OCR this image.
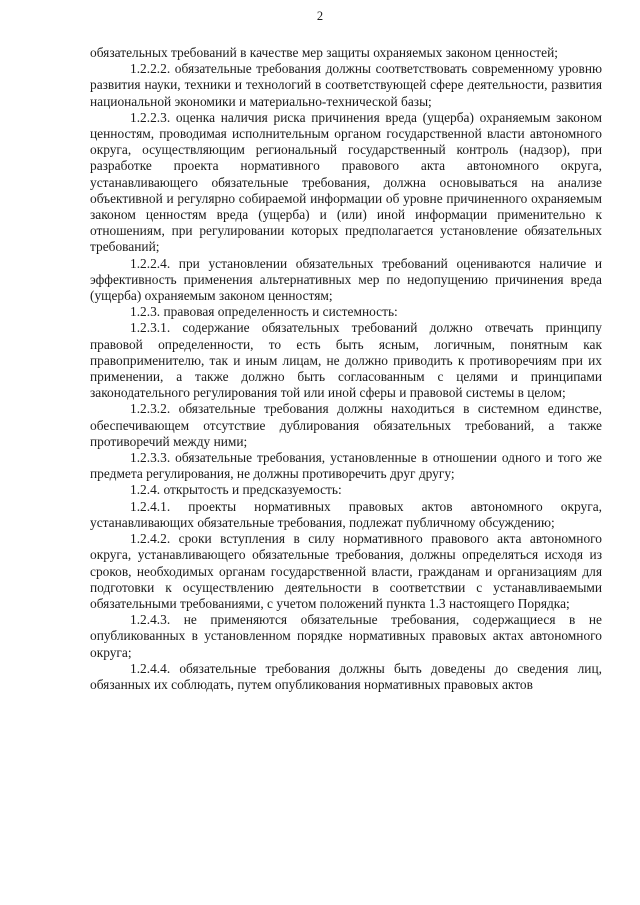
2

обязательных требований в качестве мер защиты охраняемых законом ценностей;

1.2.2.2. обязательные требования должны соответствовать современному уровню развития науки, техники и технологий в соответствующей сфере деятельности, развития национальной экономики и материально-технической базы;

1.2.2.3. оценка наличия риска причинения вреда (ущерба) охраняемым законом ценностям, проводимая исполнительным органом государственной власти автономного округа, осуществляющим региональный государственный контроль (надзор), при разработке проекта нормативного правового акта автономного округа, устанавливающего обязательные требования, должна основываться на анализе объективной и регулярно собираемой информации об уровне причиненного охраняемым законом ценностям вреда (ущерба) и (или) иной информации применительно к отношениям, при регулировании которых предполагается установление обязательных требований;

1.2.2.4. при установлении обязательных требований оцениваются наличие и эффективность применения альтернативных мер по недопущению причинения вреда (ущерба) охраняемым законом ценностям;

1.2.3. правовая определенность и системность:

1.2.3.1. содержание обязательных требований должно отвечать принципу правовой определенности, то есть быть ясным, логичным, понятным как правоприменителю, так и иным лицам, не должно приводить к противоречиям при их применении, а также должно быть согласованным с целями и принципами законодательного регулирования той или иной сферы и правовой системы в целом;

1.2.3.2. обязательные требования должны находиться в системном единстве, обеспечивающем отсутствие дублирования обязательных требований, а также противоречий между ними;

1.2.3.3. обязательные требования, установленные в отношении одного и того же предмета регулирования, не должны противоречить друг другу;

1.2.4. открытость и предсказуемость:

1.2.4.1. проекты нормативных правовых актов автономного округа, устанавливающих обязательные требования, подлежат публичному обсуждению;

1.2.4.2. сроки вступления в силу нормативного правового акта автономного округа, устанавливающего обязательные требования, должны определяться исходя из сроков, необходимых органам государственной власти, гражданам и организациям для подготовки к осуществлению деятельности в соответствии с устанавливаемыми обязательными требованиями, с учетом положений пункта 1.3 настоящего Порядка;

1.2.4.3. не применяются обязательные требования, содержащиеся в не опубликованных в установленном порядке нормативных правовых актах автономного округа;

1.2.4.4. обязательные требования должны быть доведены до сведения лиц, обязанных их соблюдать, путем опубликования нормативных правовых актов
